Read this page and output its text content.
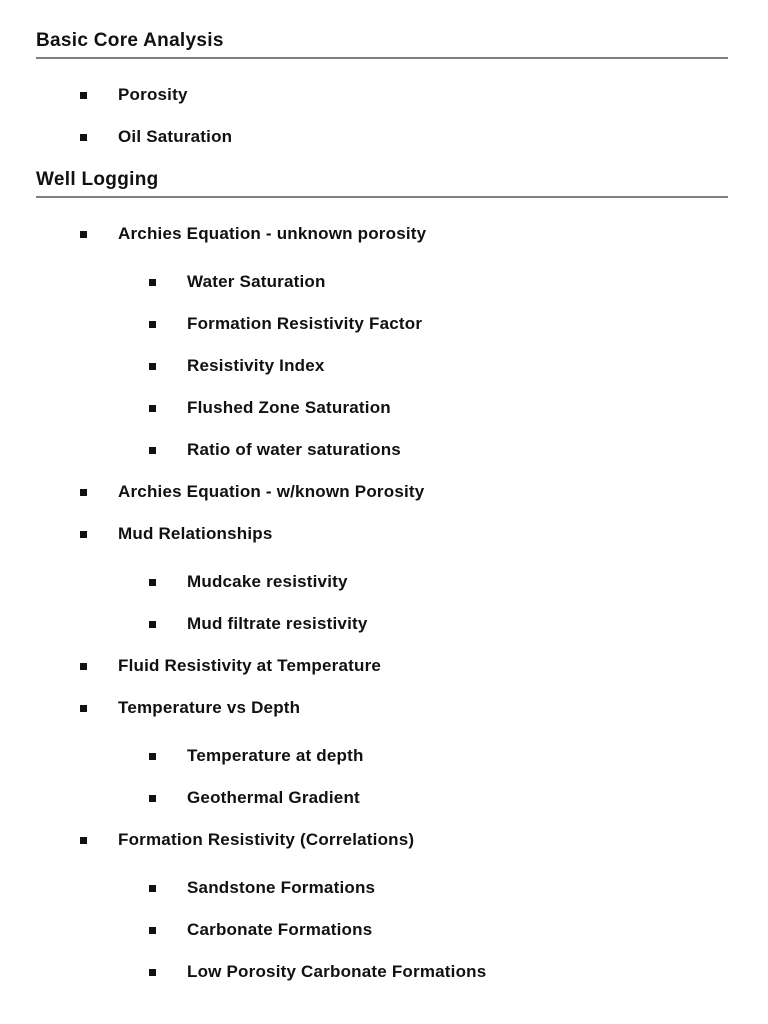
Basic Core Analysis
Porosity
Oil Saturation
Well Logging
Archies Equation - unknown porosity
Water Saturation
Formation Resistivity Factor
Resistivity Index
Flushed Zone Saturation
Ratio of water saturations
Archies Equation - w/known Porosity
Mud Relationships
Mudcake resistivity
Mud filtrate resistivity
Fluid Resistivity at Temperature
Temperature vs Depth
Temperature at depth
Geothermal Gradient
Formation Resistivity (Correlations)
Sandstone Formations
Carbonate Formations
Low Porosity Carbonate Formations
